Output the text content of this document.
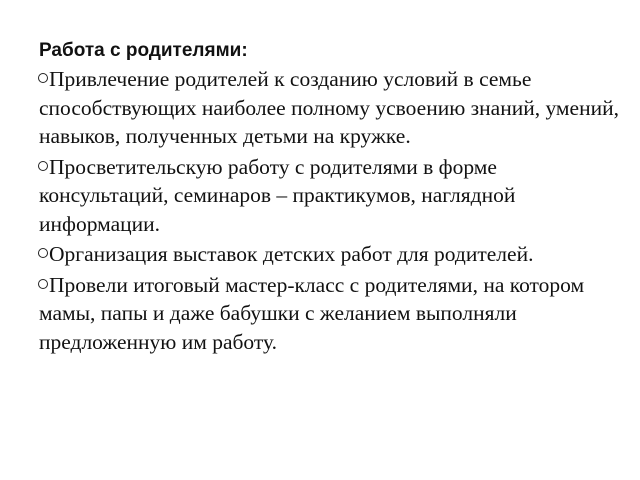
Работа с родителями:
Привлечение родителей к созданию условий в семье способствующих наиболее полному усвоению знаний, умений, навыков, полученных детьми на кружке.
Просветительскую работу с родителями в форме консультаций, семинаров – практикумов, наглядной информации.
Организация выставок детских работ для родителей.
Провели итоговый мастер-класс с родителями, на котором мамы, папы и даже бабушки с желанием выполняли предложенную им работу.
